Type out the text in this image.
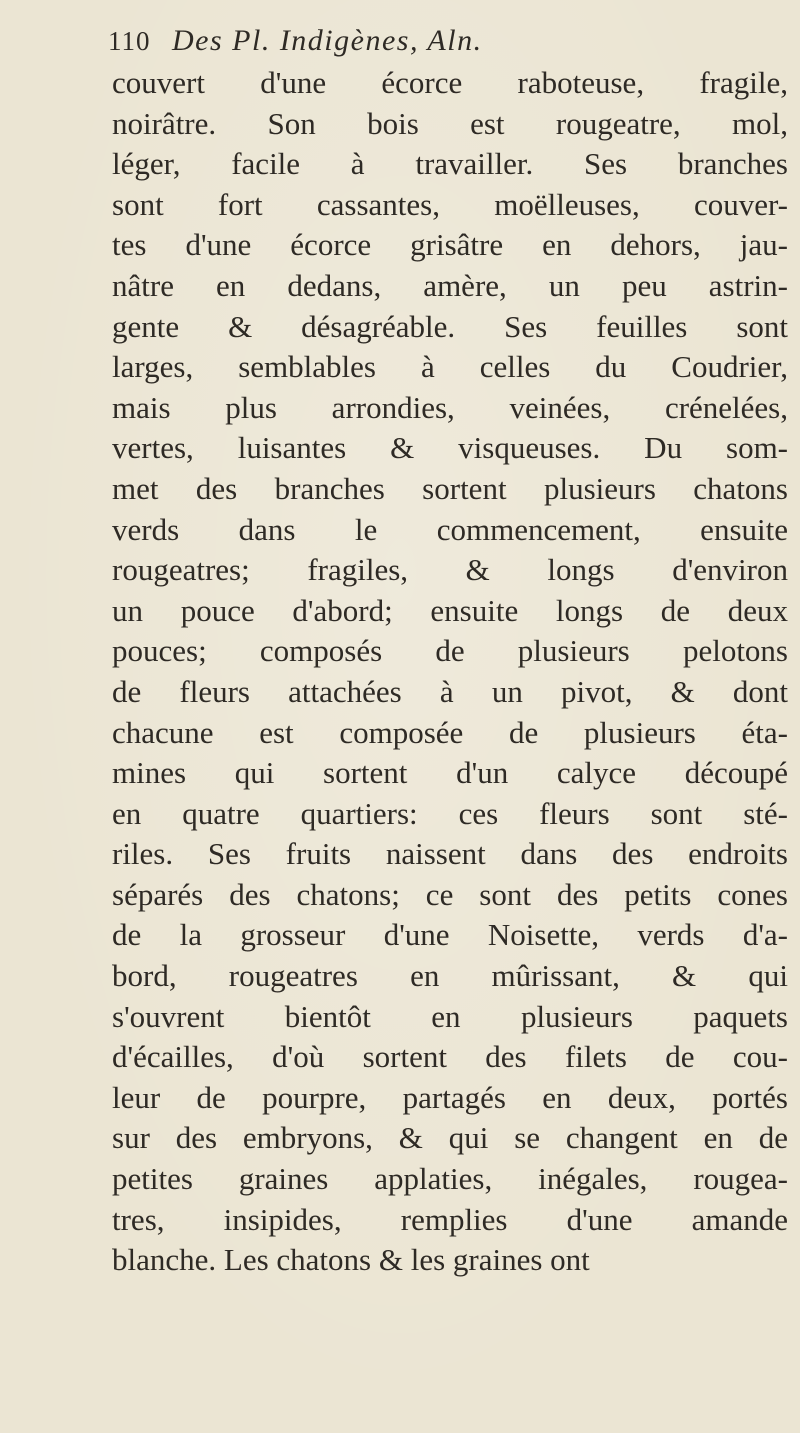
110 Des Pl. Indigènes, Aln.
couvert d'une écorce raboteuse, fragile,
noirâtre. Son bois est rougeatre, mol,
léger, facile à travailler. Ses branches
sont fort cassantes, moëlleuses, couver-
tes d'une écorce grisâtre en dehors, jau-
nâtre en dedans, amère, un peu astrin-
gente & désagréable. Ses feuilles sont
larges, semblables à celles du Coudrier,
mais plus arrondies, veinées, crénelées,
vertes, luisantes & visqueuses. Du som-
met des branches sortent plusieurs chatons
verds dans le commencement, ensuite
rougeatres; fragiles, & longs d'environ
un pouce d'abord; ensuite longs de deux
pouces; composés de plusieurs pelotons
de fleurs attachées à un pivot, & dont
chacune est composée de plusieurs éta-
mines qui sortent d'un calyce découpé
en quatre quartiers: ces fleurs sont sté-
riles. Ses fruits naissent dans des endroits
séparés des chatons; ce sont des petits cones
de la grosseur d'une Noisette, verds d'a-
bord, rougeatres en mûrissant, & qui
s'ouvrent bientôt en plusieurs paquets
d'écailles, d'où sortent des filets de cou-
leur de pourpre, partagés en deux, portés
sur des embryons, & qui se changent en de
petites graines applaties, inégales, rougea-
tres, insipides, remplies d'une amande
blanche. Les chatons & les graines ont
